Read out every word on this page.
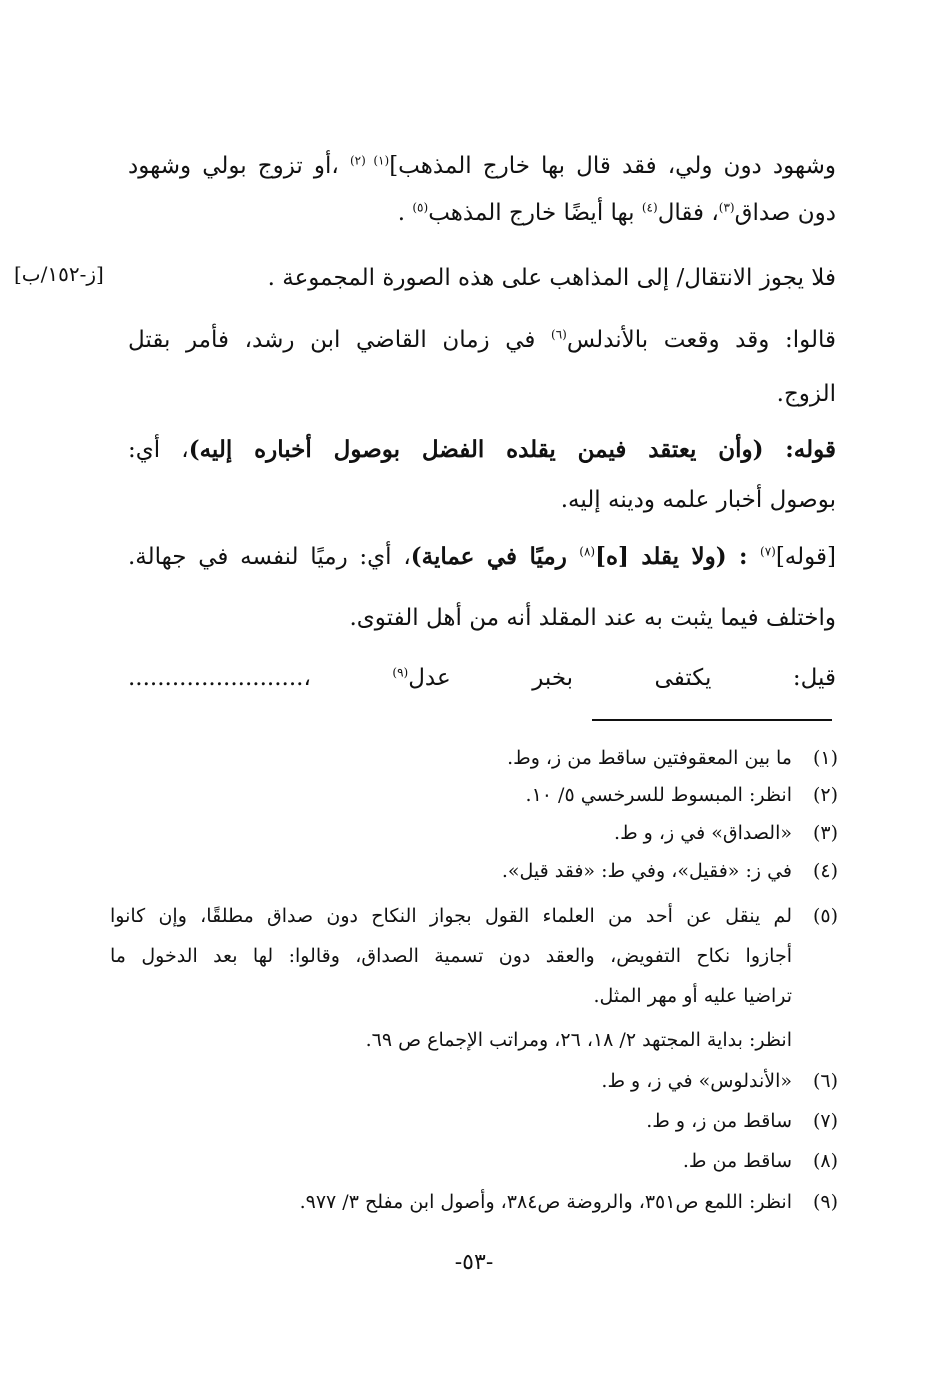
وشهود دون ولي، فقد قال بها خارج المذهب]$^{(١) (٢)}$ ،أو تزوج بولي وشهود
دون صداق$^{(٣)}$، فقال$^{(٤)}$ بها أيضًا خارج المذهب$^{(٥)}$ .
فلا يجوز الانتقال/ إلى المذاهب على هذه الصورة المجموعة .
[ز-١٥٢/ب]
قالوا: وقد وقعت بالأندلس$^{(٦)}$ في زمان القاضي ابن رشد، فأمر بقتل
الزوج.
قوله: (وأن يعتقد فيمن يقلده الفضل بوصول أخباره إليه)، أي:
بوصول أخبار علمه ودينه إليه.
[قوله]$^{(٧)}$ : (ولا يقلد [ه]$^{(٨)}$ رميًا في عماية)، أي: رميًا لنفسه في جهالة.
واختلف فيما يثبت به عند المقلد أنه من أهل الفتوى.
قيل: يكتفى بخبر عدل$^{(٩)}$ ،........................
(١)
ما بين المعقوفتين ساقط من ز، وط.
(٢)
انظر: المبسوط للسرخسي ٥/ ١٠.
(٣)
«الصداق» في ز، و ط.
(٤)
في ز: «فقيل»، وفي ط: «فقد قيل».
(٥)
لم ينقل عن أحد من العلماء القول بجواز النكاح دون صداق مطلقًا، وإن كانوا
أجازوا نكاح التفويض، والعقد دون تسمية الصداق، وقالوا: لها بعد الدخول ما
تراضيا عليه أو مهر المثل.
انظر: بداية المجتهد ٢/ ١٨، ٢٦، ومراتب الإجماع ص ٦٩.
(٦)
«الأندلوس» في ز، و ط.
(٧)
ساقط من ز، و ط.
(٨)
ساقط من ط.
(٩)
انظر: اللمع ص٣٥١، والروضة ص٣٨٤، وأصول ابن مفلح ٣/ ٩٧٧.
-٥٣-
